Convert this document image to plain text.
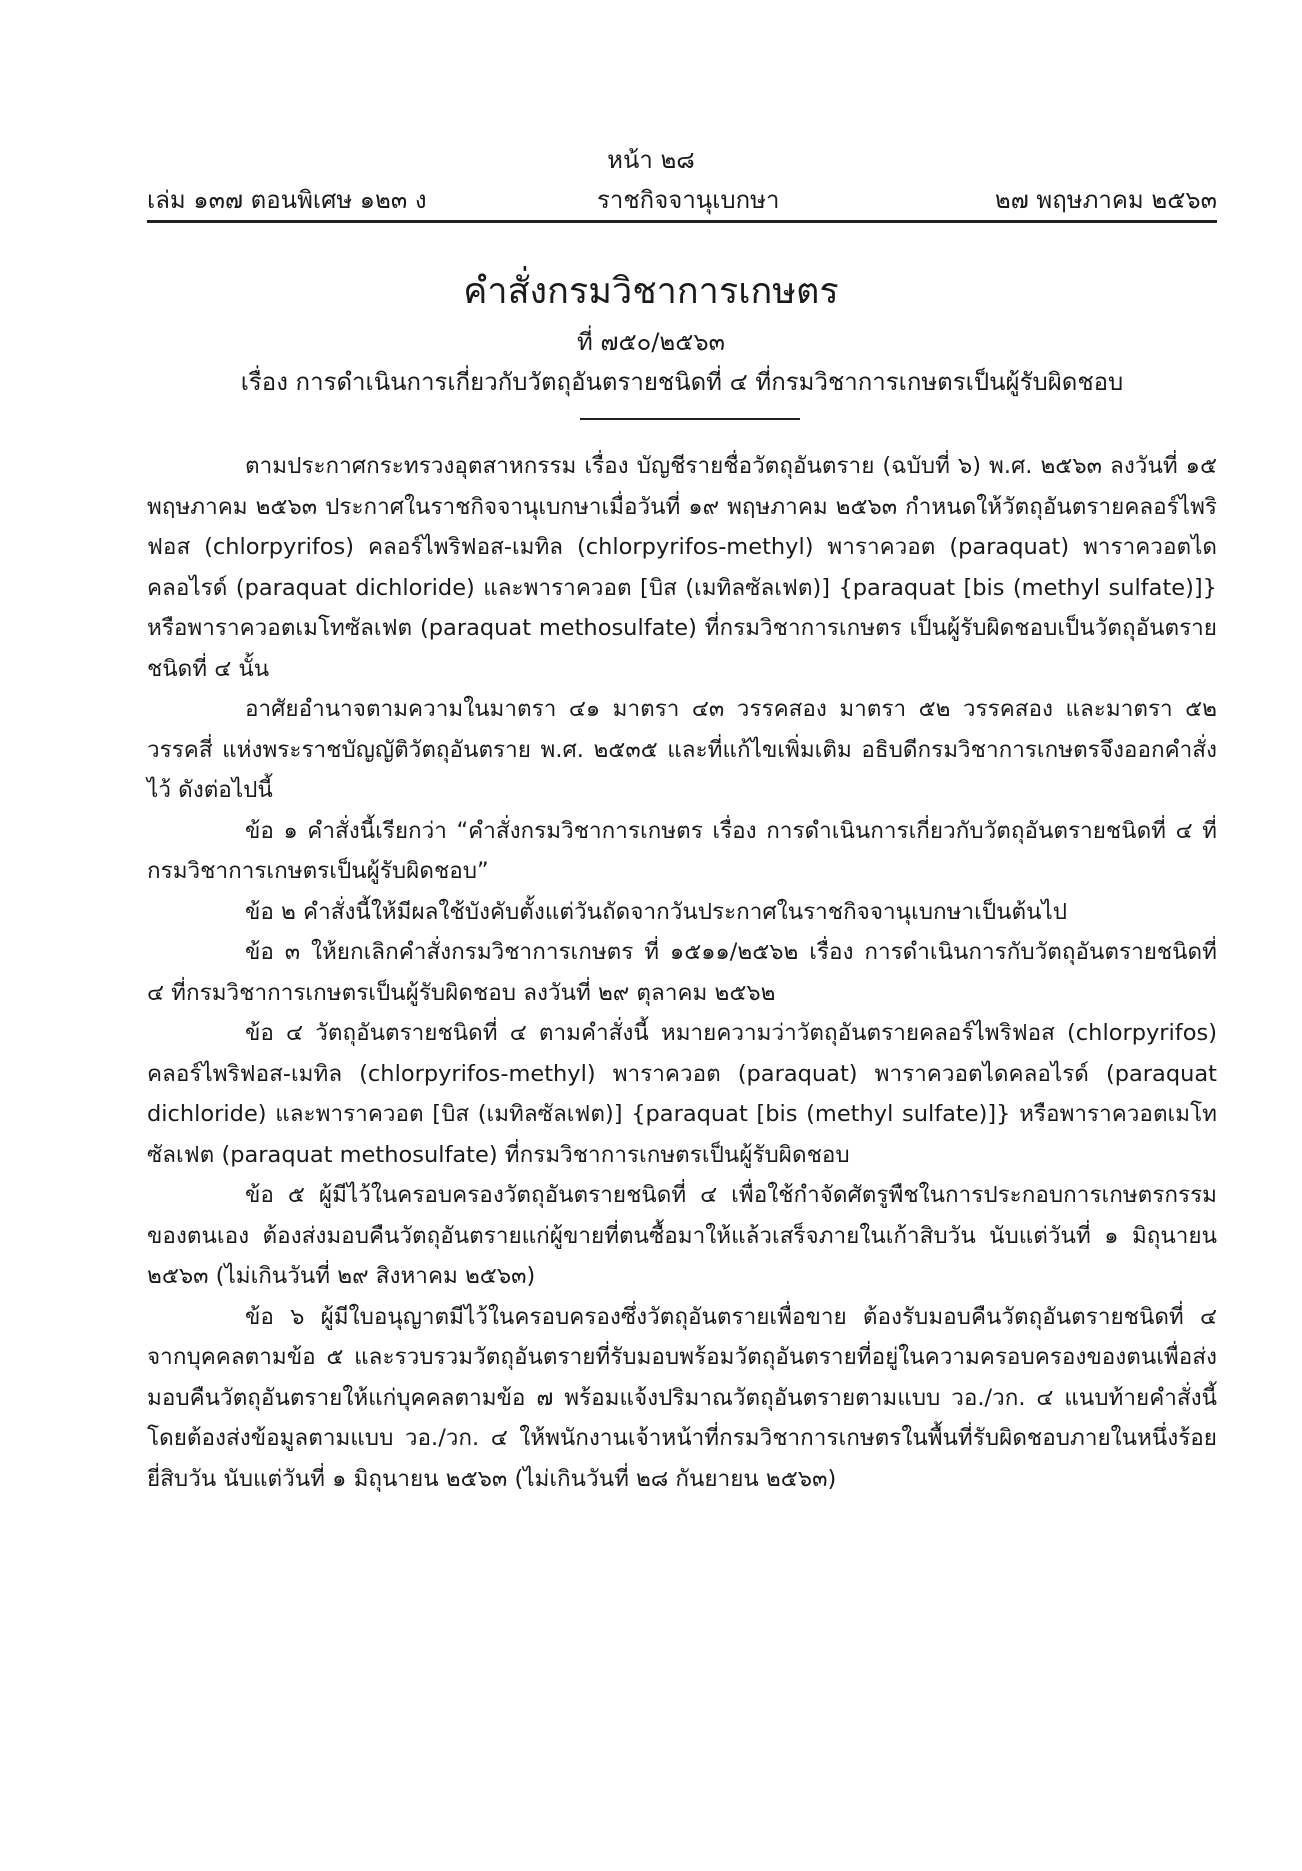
หน้า ๒๘
เล่ม ๑๓๗ ตอนพิเศษ ๑๒๓ ง	ราชกิจจานุเบกษา	๒๗ พฤษภาคม ๒๕๖๓
คำสั่งกรมวิชาการเกษตร
ที่ ๗๕๐/๒๕๖๓
เรื่อง การดำเนินการเกี่ยวกับวัตถุอันตรายชนิดที่ ๔ ที่กรมวิชาการเกษตรเป็นผู้รับผิดชอบ

ตามประกาศกระทรวงอุตสาหกรรม เรื่อง บัญชีรายชื่อวัตถุอันตราย (ฉบับที่ ๖) พ.ศ. ๒๕๖๓ ลงวันที่ ๑๕ พฤษภาคม ๒๕๖๓ ประกาศในราชกิจจานุเบกษาเมื่อวันที่ ๑๙ พฤษภาคม ๒๕๖๓ กำหนดให้วัตถุอันตรายคลอร์ไพริฟอส (chlorpyrifos) คลอร์ไพริฟอส-เมทิล (chlorpyrifos-methyl) พาราควอต (paraquat) พาราควอตไดคลอไรด์ (paraquat dichloride) และพาราควอต [บิส (เมทิลซัลเฟต)] {paraquat [bis (methyl sulfate)]} หรือพาราควอตเมโทซัลเฟต (paraquat methosulfate) ที่กรมวิชาการเกษตร เป็นผู้รับผิดชอบเป็นวัตถุอันตรายชนิดที่ ๔ นั้น

อาศัยอำนาจตามความในมาตรา ๔๑ มาตรา ๔๓ วรรคสอง มาตรา ๕๒ วรรคสอง และมาตรา ๕๒ วรรคสี่ แห่งพระราชบัญญัติวัตถุอันตราย พ.ศ. ๒๕๓๕ และที่แก้ไขเพิ่มเติม อธิบดีกรมวิชาการเกษตรจึงออกคำสั่งไว้ ดังต่อไปนี้

ข้อ ๑ คำสั่งนี้เรียกว่า “คำสั่งกรมวิชาการเกษตร เรื่อง การดำเนินการเกี่ยวกับวัตถุอันตรายชนิดที่ ๔ ที่กรมวิชาการเกษตรเป็นผู้รับผิดชอบ”

ข้อ ๒ คำสั่งนี้ให้มีผลใช้บังคับตั้งแต่วันถัดจากวันประกาศในราชกิจจานุเบกษาเป็นต้นไป

ข้อ ๓ ให้ยกเลิกคำสั่งกรมวิชาการเกษตร ที่ ๑๕๑๑/๒๕๖๒ เรื่อง การดำเนินการกับวัตถุอันตรายชนิดที่ ๔ ที่กรมวิชาการเกษตรเป็นผู้รับผิดชอบ ลงวันที่ ๒๙ ตุลาคม ๒๕๖๒

ข้อ ๔ วัตถุอันตรายชนิดที่ ๔ ตามคำสั่งนี้ หมายความว่าวัตถุอันตรายคลอร์ไพริฟอส (chlorpyrifos) คลอร์ไพริฟอส-เมทิล (chlorpyrifos-methyl) พาราควอต (paraquat) พาราควอตไดคลอไรด์ (paraquat dichloride) และพาราควอต [บิส (เมทิลซัลเฟต)] {paraquat [bis (methyl sulfate)]} หรือพาราควอตเมโทซัลเฟต (paraquat methosulfate) ที่กรมวิชาการเกษตรเป็นผู้รับผิดชอบ

ข้อ ๕ ผู้มีไว้ในครอบครองวัตถุอันตรายชนิดที่ ๔ เพื่อใช้กำจัดศัตรูพืชในการประกอบการเกษตรกรรมของตนเอง ต้องส่งมอบคืนวัตถุอันตรายแก่ผู้ขายที่ตนซื้อมาให้แล้วเสร็จภายในเก้าสิบวัน นับแต่วันที่ ๑ มิถุนายน ๒๕๖๓ (ไม่เกินวันที่ ๒๙ สิงหาคม ๒๕๖๓)

ข้อ ๖ ผู้มีใบอนุญาตมีไว้ในครอบครองซึ่งวัตถุอันตรายเพื่อขาย ต้องรับมอบคืนวัตถุอันตรายชนิดที่ ๔ จากบุคคลตามข้อ ๕ และรวบรวมวัตถุอันตรายที่รับมอบพร้อมวัตถุอันตรายที่อยู่ในความครอบครองของตนเพื่อส่งมอบคืนวัตถุอันตรายให้แก่บุคคลตามข้อ ๗ พร้อมแจ้งปริมาณวัตถุอันตรายตามแบบ วอ./วก. ๔ แนบท้ายคำสั่งนี้ โดยต้องส่งข้อมูลตามแบบ วอ./วก. ๔ ให้พนักงานเจ้าหน้าที่กรมวิชาการเกษตรในพื้นที่รับผิดชอบภายในหนึ่งร้อยยี่สิบวัน นับแต่วันที่ ๑ มิถุนายน ๒๕๖๓ (ไม่เกินวันที่ ๒๘ กันยายน ๒๕๖๓)
